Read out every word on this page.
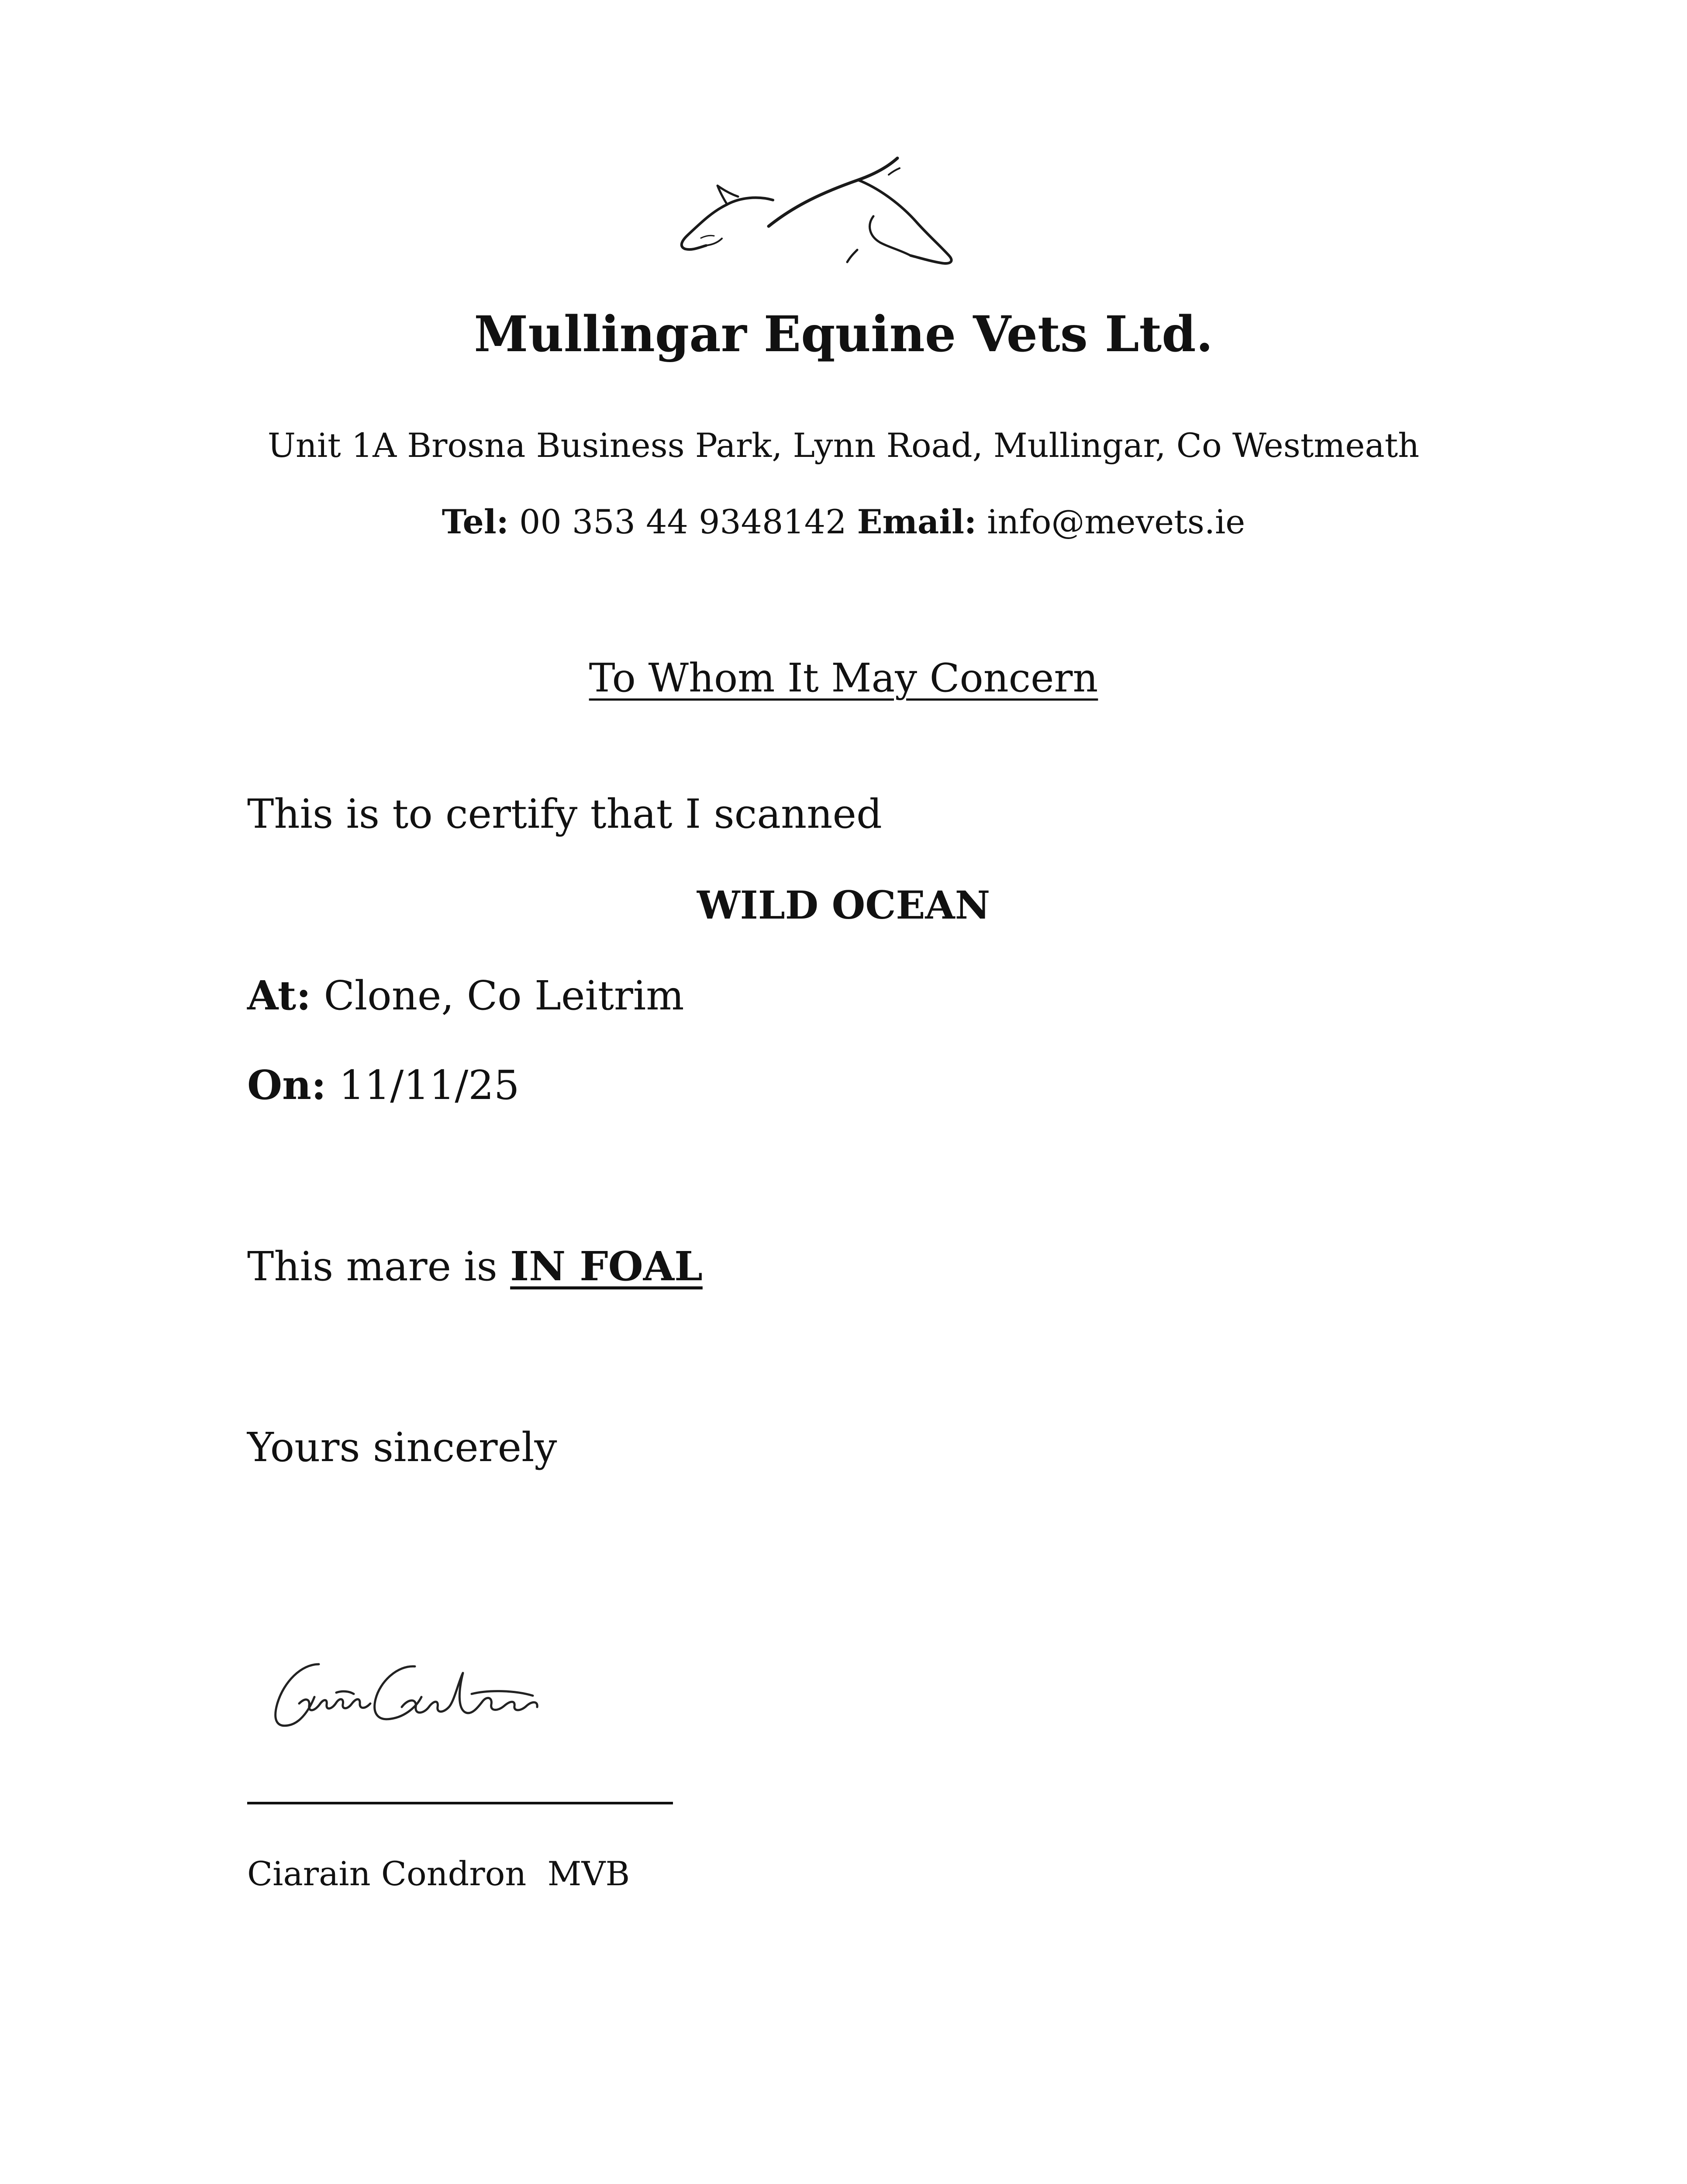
Mullingar Equine Vets Ltd.
Unit 1A Brosna Business Park, Lynn Road, Mullingar, Co Westmeath
Tel: 00 353 44 9348142 Email: info@mevets.ie
To Whom It May Concern
This is to certify that I scanned
WILD OCEAN
At: Clone, Co Leitrim
On: 11/11/25
This mare is IN FOAL
Yours sincerely
Ciarain Condron  MVB
